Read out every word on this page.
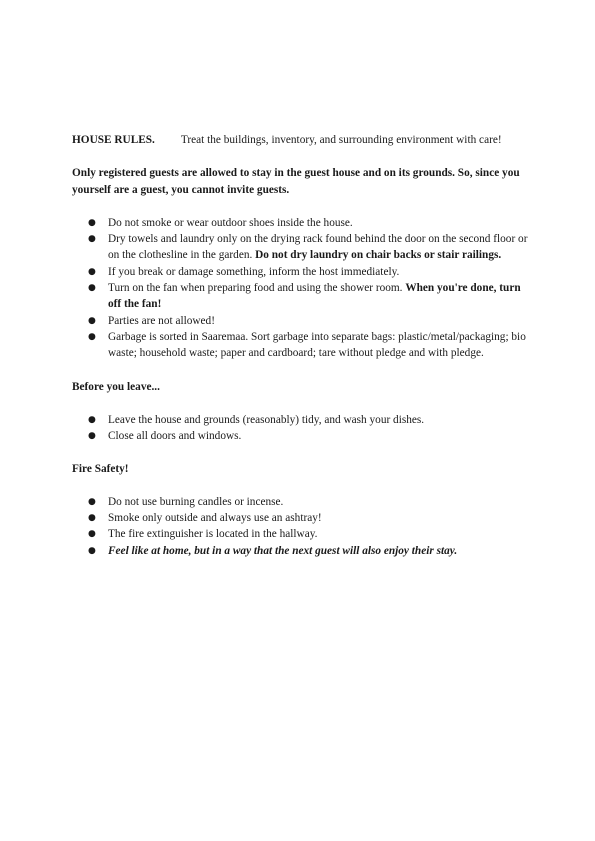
HOUSE RULES. Treat the buildings, inventory, and surrounding environment with care!

Only registered guests are allowed to stay in the guest house and on its grounds. So, since you yourself are a guest, you cannot invite guests.

● Do not smoke or wear outdoor shoes inside the house.
● Dry towels and laundry only on the drying rack found behind the door on the second floor or on the clothesline in the garden. Do not dry laundry on chair backs or stair railings.
● If you break or damage something, inform the host immediately.
● Turn on the fan when preparing food and using the shower room. When you're done, turn off the fan!
● Parties are not allowed!
● Garbage is sorted in Saaremaa. Sort garbage into separate bags: plastic/metal/packaging; bio waste; household waste; paper and cardboard; tare without pledge and with pledge.

Before you leave...

● Leave the house and grounds (reasonably) tidy, and wash your dishes.
● Close all doors and windows.

Fire Safety!

● Do not use burning candles or incense.
● Smoke only outside and always use an ashtray!
● The fire extinguisher is located in the hallway.
● Feel like at home, but in a way that the next guest will also enjoy their stay.
